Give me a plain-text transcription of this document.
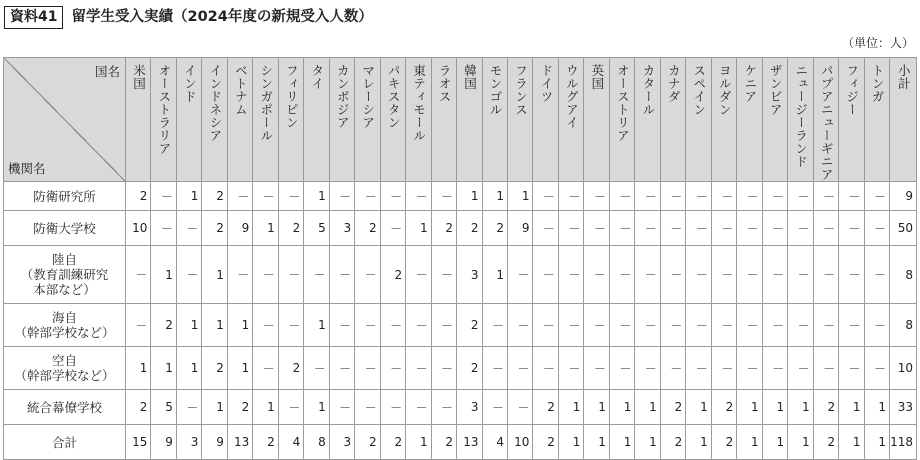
資料41 留学生受入実績（2024年度の新規受入人数）
（単位：人）
国名
機関名	米国	オーストラリア	インド	インドネシア	ベトナム	シンガポール	フィリピン	タイ	カンボジア	マレーシア	パキスタン	東ティモール	ラオス	韓国	モンゴル	フランス	ドイツ	ウルグアイ	英国	オーストリア	カタール	カナダ	スペイン	ヨルダン	ケニア	ザンビア	ニュージーランド	パプアニューギニア	フィジー	トンガ	小計

防衛研究所	2	－	1	2	－	－	－	1	－	－	－	－	－	1	1	1	－	－	－	－	－	－	－	－	－	－	－	－	－	－	9
防衛大学校	10	－	－	2	9	1	2	5	3	2	－	1	2	2	2	9	－	－	－	－	－	－	－	－	－	－	－	－	－	－	50

陸自
（教育訓練研究
本部など）	－	1	－	1	－	－	－	－	－	－	2	－	－	3	1	－	－	－	－	－	－	－	－	－	－	－	－	－	－	－	8

海自
（幹部学校など）	－	2	1	1	1	－	－	1	－	－	－	－	－	2	－	－	－	－	－	－	－	－	－	－	－	－	－	－	－	－	8

空自
（幹部学校など）	1	1	1	2	1	－	2	－	－	－	－	－	－	2	－	－	－	－	－	－	－	－	－	－	－	－	－	－	－	－	10
統合幕僚学校	2	5	－	1	2	1	－	1	－	－	－	－	－	3	－	－	2	1	1	1	1	2	1	2	1	1	1	2	1	1	33
合計	15	9	3	9	13	2	4	8	3	2	2	1	2	13	4	10	2	1	1	1	1	2	1	2	1	1	1	2	1	1	118
